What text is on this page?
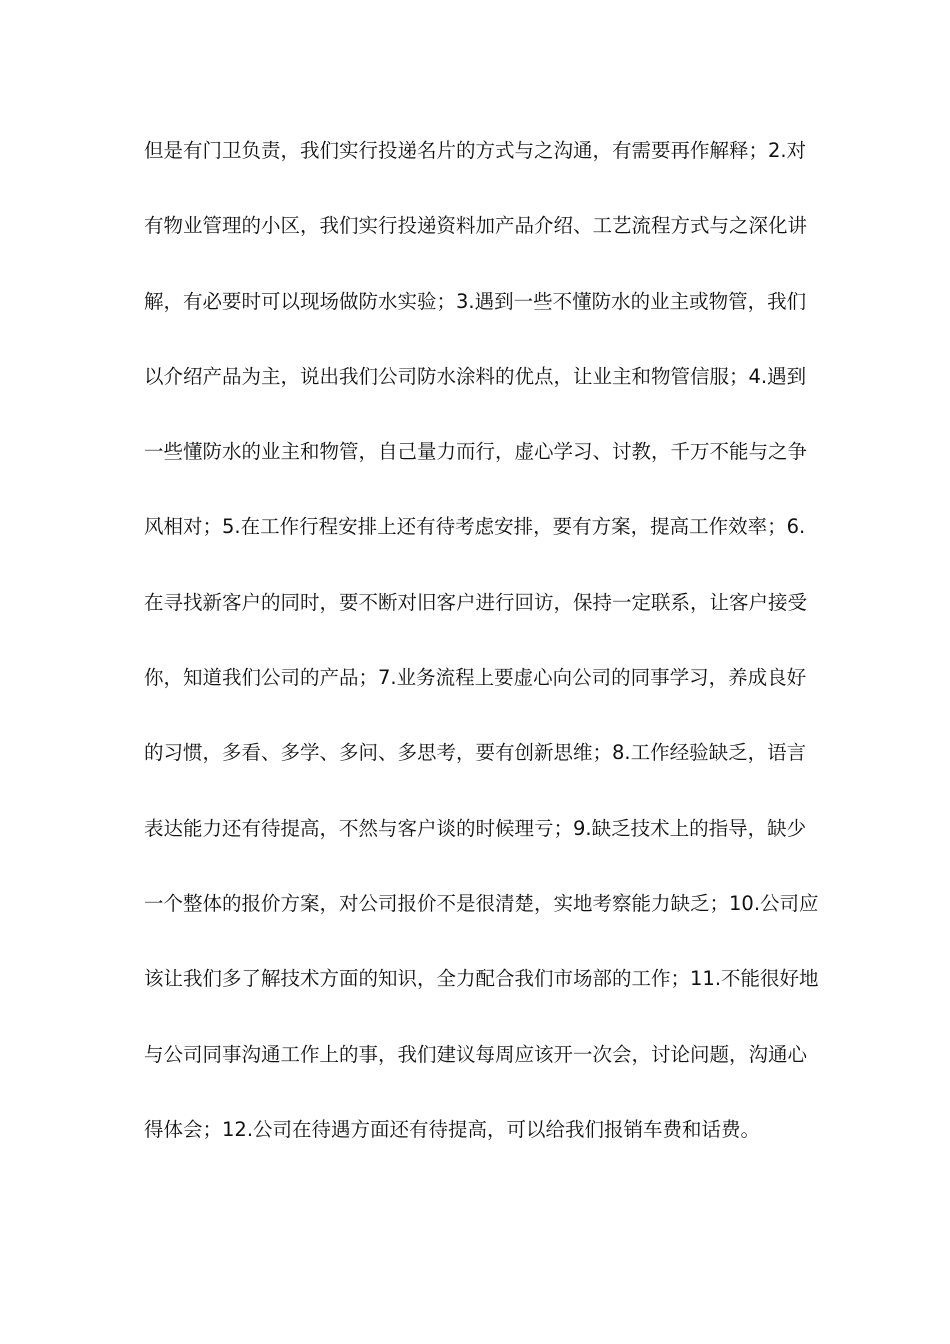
但是有门卫负责，我们实行投递名片的方式与之沟通，有需要再作解释；2.对
有物业管理的小区，我们实行投递资料加产品介绍、工艺流程方式与之深化讲
解，有必要时可以现场做防水实验；3.遇到一些不懂防水的业主或物管，我们
以介绍产品为主，说出我们公司防水涂料的优点，让业主和物管信服；4.遇到
一些懂防水的业主和物管，自己量力而行，虚心学习、讨教，千万不能与之争
风相对；5.在工作行程安排上还有待考虑安排，要有方案，提高工作效率；6.
在寻找新客户的同时，要不断对旧客户进行回访，保持一定联系，让客户接受
你，知道我们公司的产品；7.业务流程上要虚心向公司的同事学习，养成良好
的习惯，多看、多学、多问、多思考，要有创新思维；8.工作经验缺乏，语言
表达能力还有待提高，不然与客户谈的时候理亏；9.缺乏技术上的指导，缺少
一个整体的报价方案，对公司报价不是很清楚，实地考察能力缺乏；10.公司应
该让我们多了解技术方面的知识，全力配合我们市场部的工作；11.不能很好地
与公司同事沟通工作上的事，我们建议每周应该开一次会，讨论问题，沟通心
得体会；12.公司在待遇方面还有待提高，可以给我们报销车费和话费。
